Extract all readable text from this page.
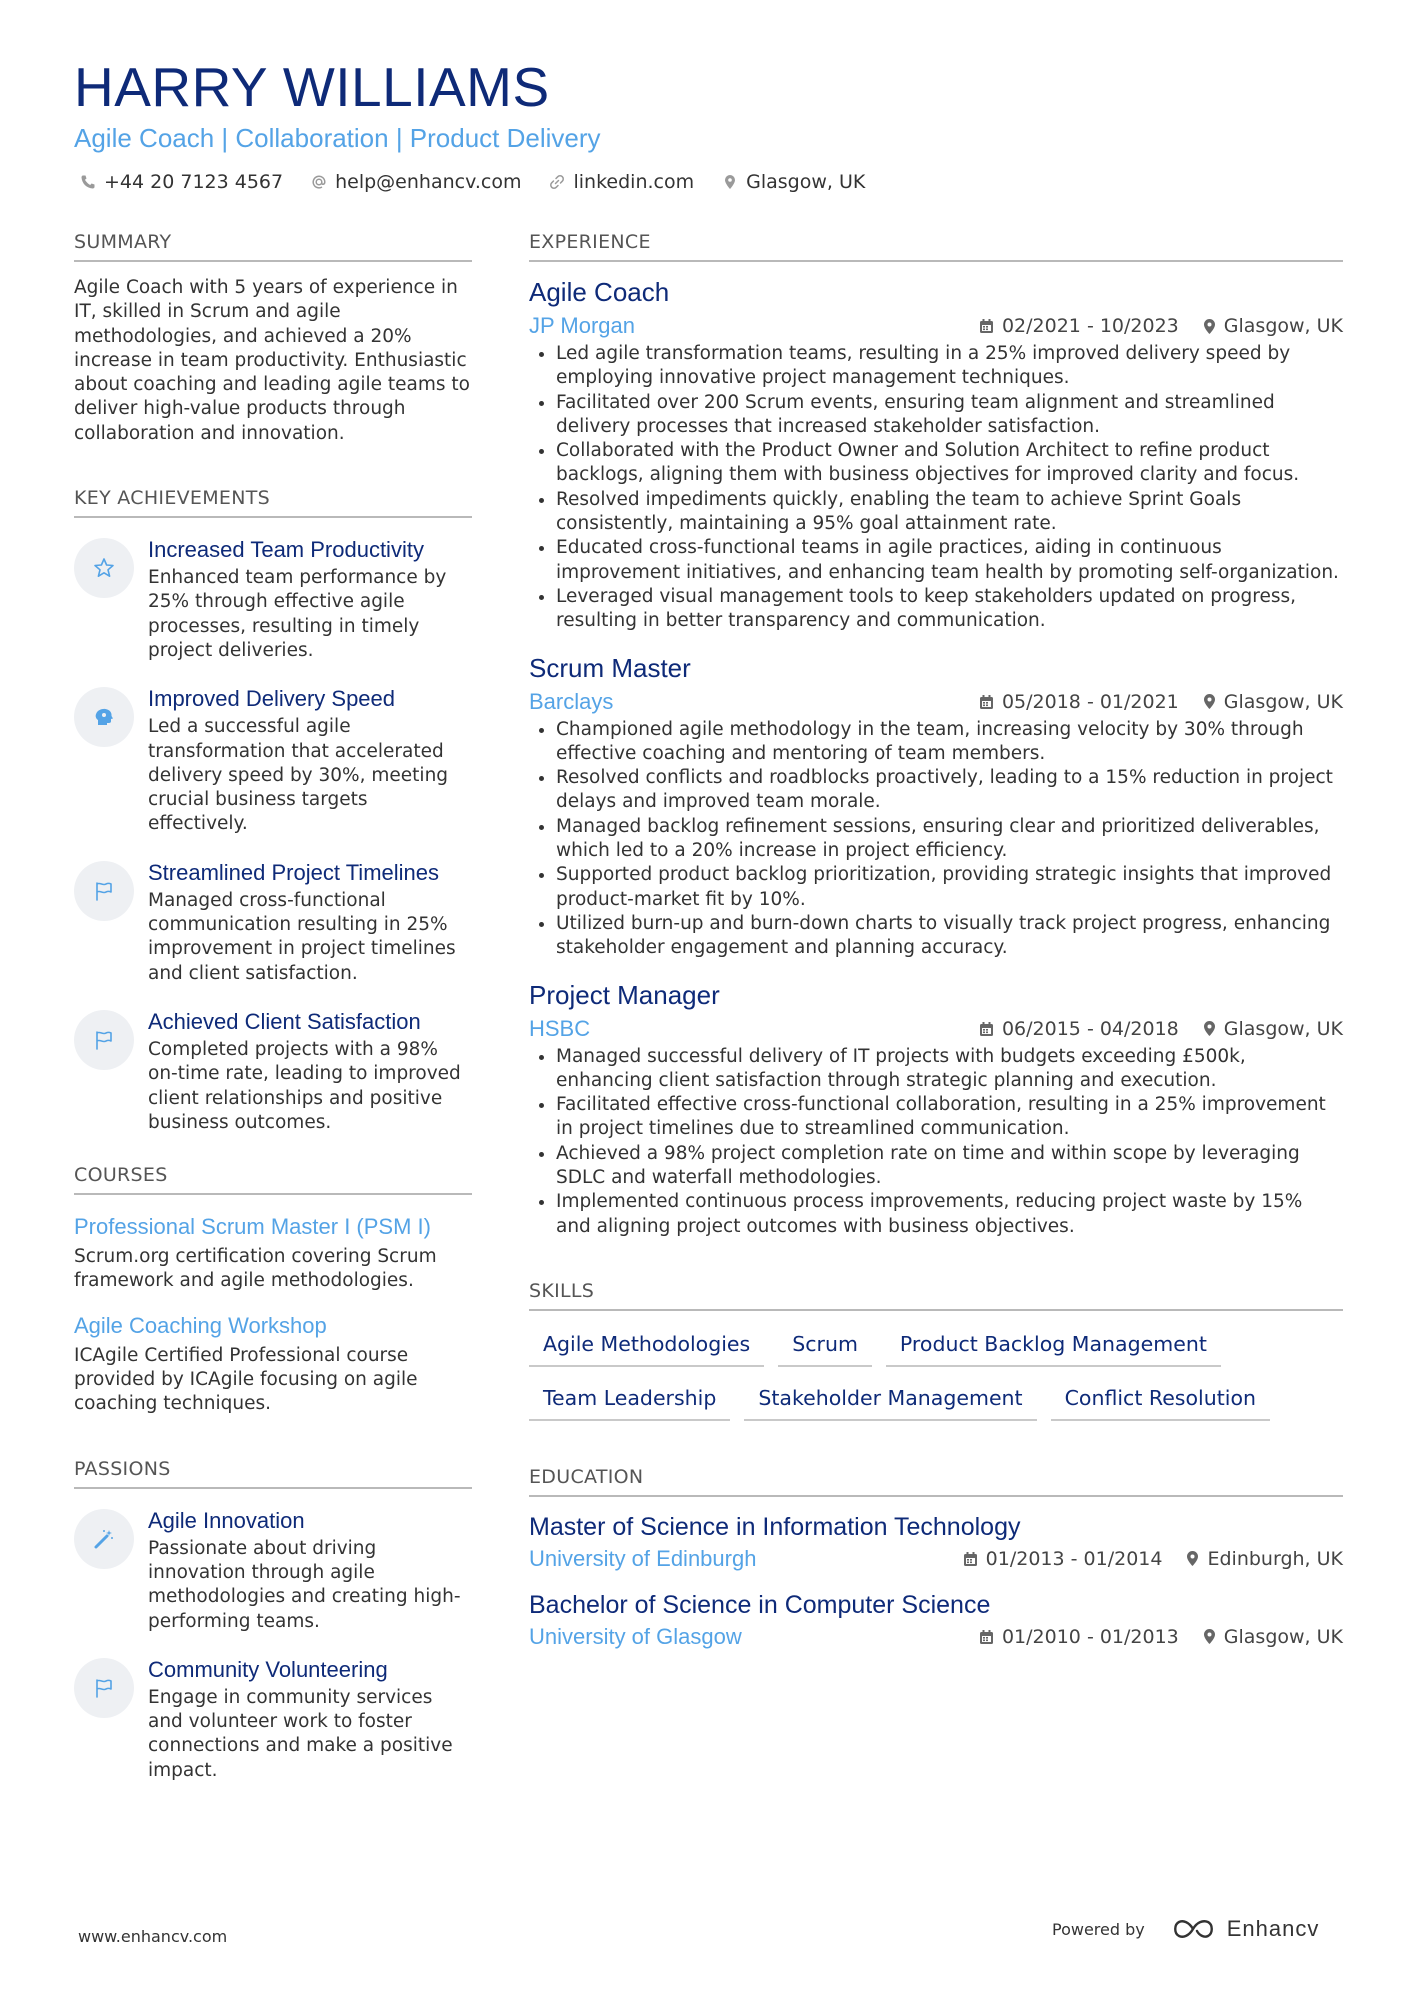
HARRY WILLIAMS
Agile Coach | Collaboration | Product Delivery
+44 20 7123 4567	help@enhancv.com	linkedin.com	Glasgow, UK
SUMMARY
Agile Coach with 5 years of experience in IT, skilled in Scrum and agile methodologies, and achieved a 20% increase in team productivity. Enthusiastic about coaching and leading agile teams to deliver high-value products through collaboration and innovation.
KEY ACHIEVEMENTS
Increased Team Productivity
Enhanced team performance by 25% through effective agile processes, resulting in timely project deliveries.
Improved Delivery Speed
Led a successful agile transformation that accelerated delivery speed by 30%, meeting crucial business targets effectively.
Streamlined Project Timelines
Managed cross-functional communication resulting in 25% improvement in project timelines and client satisfaction.
Achieved Client Satisfaction
Completed projects with a 98% on-time rate, leading to improved client relationships and positive business outcomes.
COURSES
Professional Scrum Master I (PSM I)
Scrum.org certification covering Scrum framework and agile methodologies.
Agile Coaching Workshop
ICAgile Certified Professional course provided by ICAgile focusing on agile coaching techniques.
PASSIONS
Agile Innovation
Passionate about driving innovation through agile methodologies and creating high-performing teams.
Community Volunteering
Engage in community services and volunteer work to foster connections and make a positive impact.
EXPERIENCE
Agile Coach
JP Morgan	02/2021 - 10/2023 Glasgow, UK
Led agile transformation teams, resulting in a 25% improved delivery speed by employing innovative project management techniques.
Facilitated over 200 Scrum events, ensuring team alignment and streamlined delivery processes that increased stakeholder satisfaction.
Collaborated with the Product Owner and Solution Architect to refine product backlogs, aligning them with business objectives for improved clarity and focus.
Resolved impediments quickly, enabling the team to achieve Sprint Goals consistently, maintaining a 95% goal attainment rate.
Educated cross-functional teams in agile practices, aiding in continuous improvement initiatives, and enhancing team health by promoting self-organization.
Leveraged visual management tools to keep stakeholders updated on progress, resulting in better transparency and communication.
Scrum Master
Barclays	05/2018 - 01/2021 Glasgow, UK
Championed agile methodology in the team, increasing velocity by 30% through effective coaching and mentoring of team members.
Resolved conflicts and roadblocks proactively, leading to a 15% reduction in project delays and improved team morale.
Managed backlog refinement sessions, ensuring clear and prioritized deliverables, which led to a 20% increase in project efficiency.
Supported product backlog prioritization, providing strategic insights that improved product-market fit by 10%.
Utilized burn-up and burn-down charts to visually track project progress, enhancing stakeholder engagement and planning accuracy.
Project Manager
HSBC	06/2015 - 04/2018 Glasgow, UK
Managed successful delivery of IT projects with budgets exceeding £500k, enhancing client satisfaction through strategic planning and execution.
Facilitated effective cross-functional collaboration, resulting in a 25% improvement in project timelines due to streamlined communication.
Achieved a 98% project completion rate on time and within scope by leveraging SDLC and waterfall methodologies.
Implemented continuous process improvements, reducing project waste by 15% and aligning project outcomes with business objectives.
SKILLS
Agile Methodologies	Scrum	Product Backlog Management
Team Leadership	Stakeholder Management	Conflict Resolution
EDUCATION
Master of Science in Information Technology
University of Edinburgh	01/2013 - 01/2014 Edinburgh, UK
Bachelor of Science in Computer Science
University of Glasgow	01/2010 - 01/2013 Glasgow, UK
www.enhancv.com	Powered by	Enhancv
